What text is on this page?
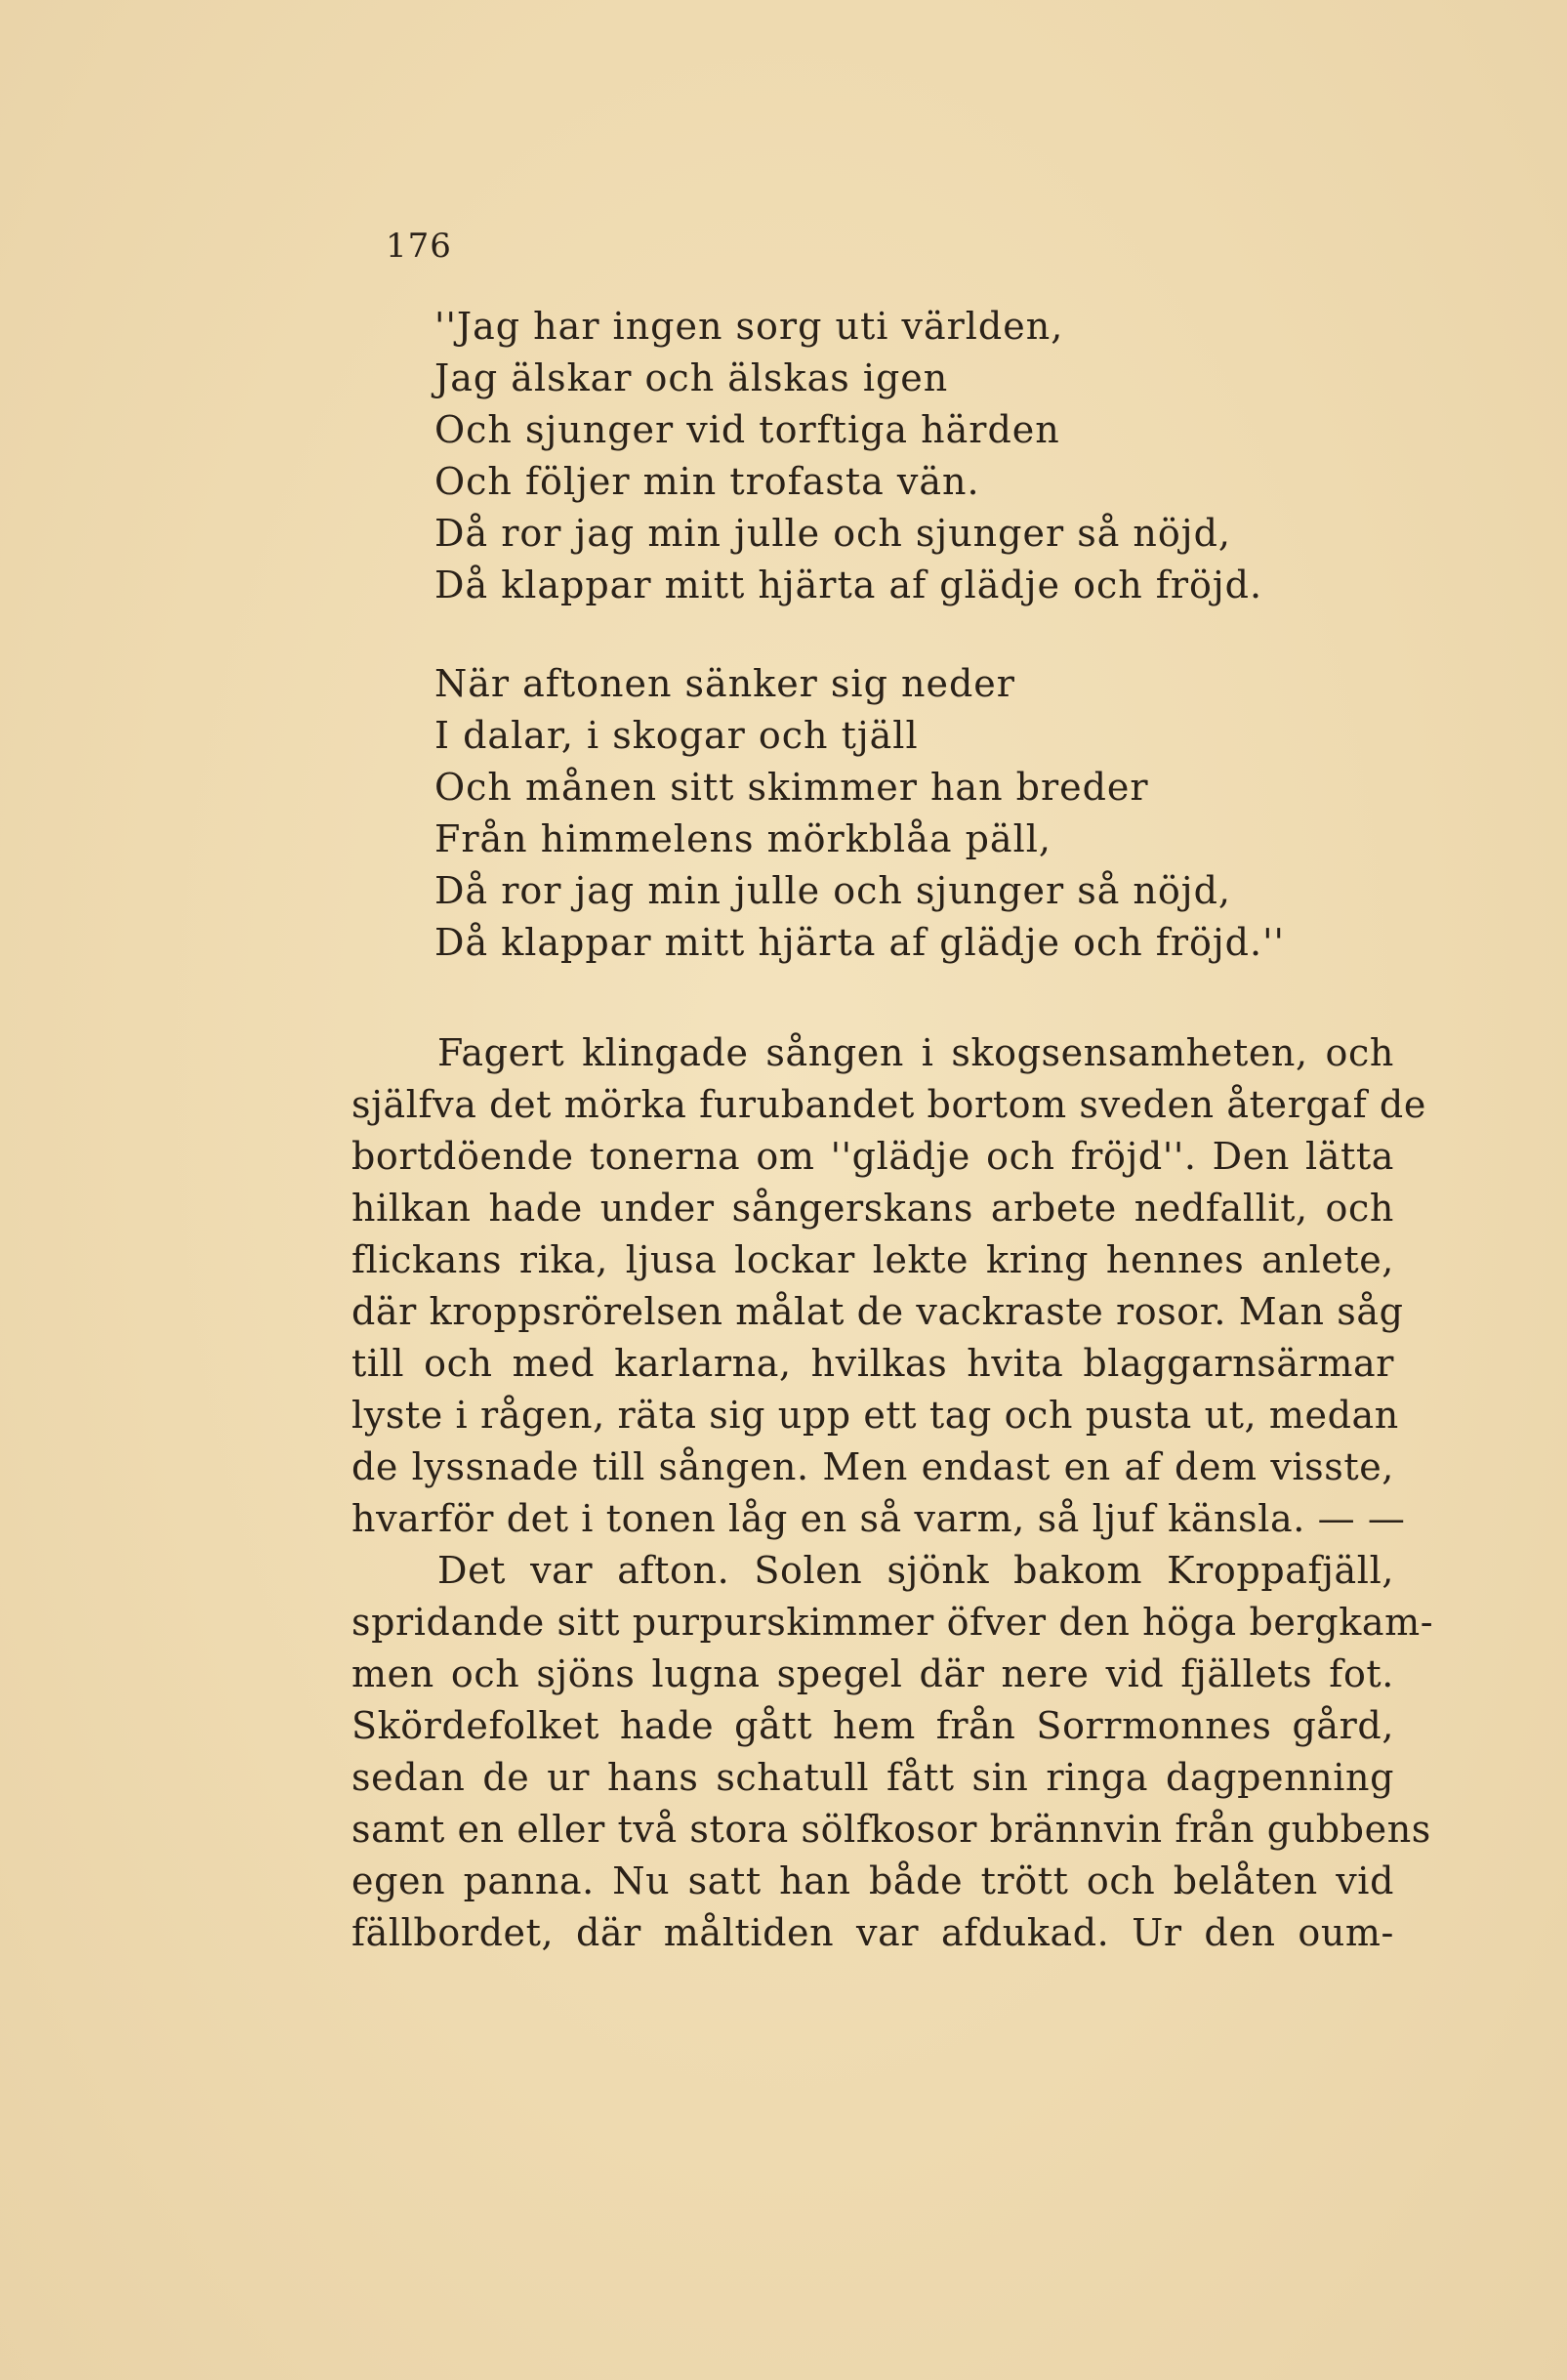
176
''Jag har ingen sorg uti världen,
Jag älskar och älskas igen
Och sjunger vid torftiga härden
Och följer min trofasta vän.
Då ror jag min julle och sjunger så nöjd,
Då klappar mitt hjärta af glädje och fröjd.
När aftonen sänker sig neder
I dalar, i skogar och tjäll
Och månen sitt skimmer han breder
Från himmelens mörkblåa päll,
Då ror jag min julle och sjunger så nöjd,
Då klappar mitt hjärta af glädje och fröjd.''
Fagert klingade sången i skogsensamheten, och
själfva det mörka furubandet bortom sveden återgaf de
bortdöende tonerna om ''glädje och fröjd''. Den lätta
hilkan hade under sångerskans arbete nedfallit, och
flickans rika, ljusa lockar lekte kring hennes anlete,
där kroppsrörelsen målat de vackraste rosor. Man såg
till och med karlarna, hvilkas hvita blaggarnsärmar
lyste i rågen, räta sig upp ett tag och pusta ut, medan
de lyssnade till sången. Men endast en af dem visste,
hvarför det i tonen låg en så varm, så ljuf känsla. — —
Det var afton. Solen sjönk bakom Kroppafjäll,
spridande sitt purpurskimmer öfver den höga bergkam-
men och sjöns lugna spegel där nere vid fjällets fot.
Skördefolket hade gått hem från Sorrmonnes gård,
sedan de ur hans schatull fått sin ringa dagpenning
samt en eller två stora sölfkosor brännvin från gubbens
egen panna. Nu satt han både trött och belåten vid
fällbordet, där måltiden var afdukad. Ur den oum-
